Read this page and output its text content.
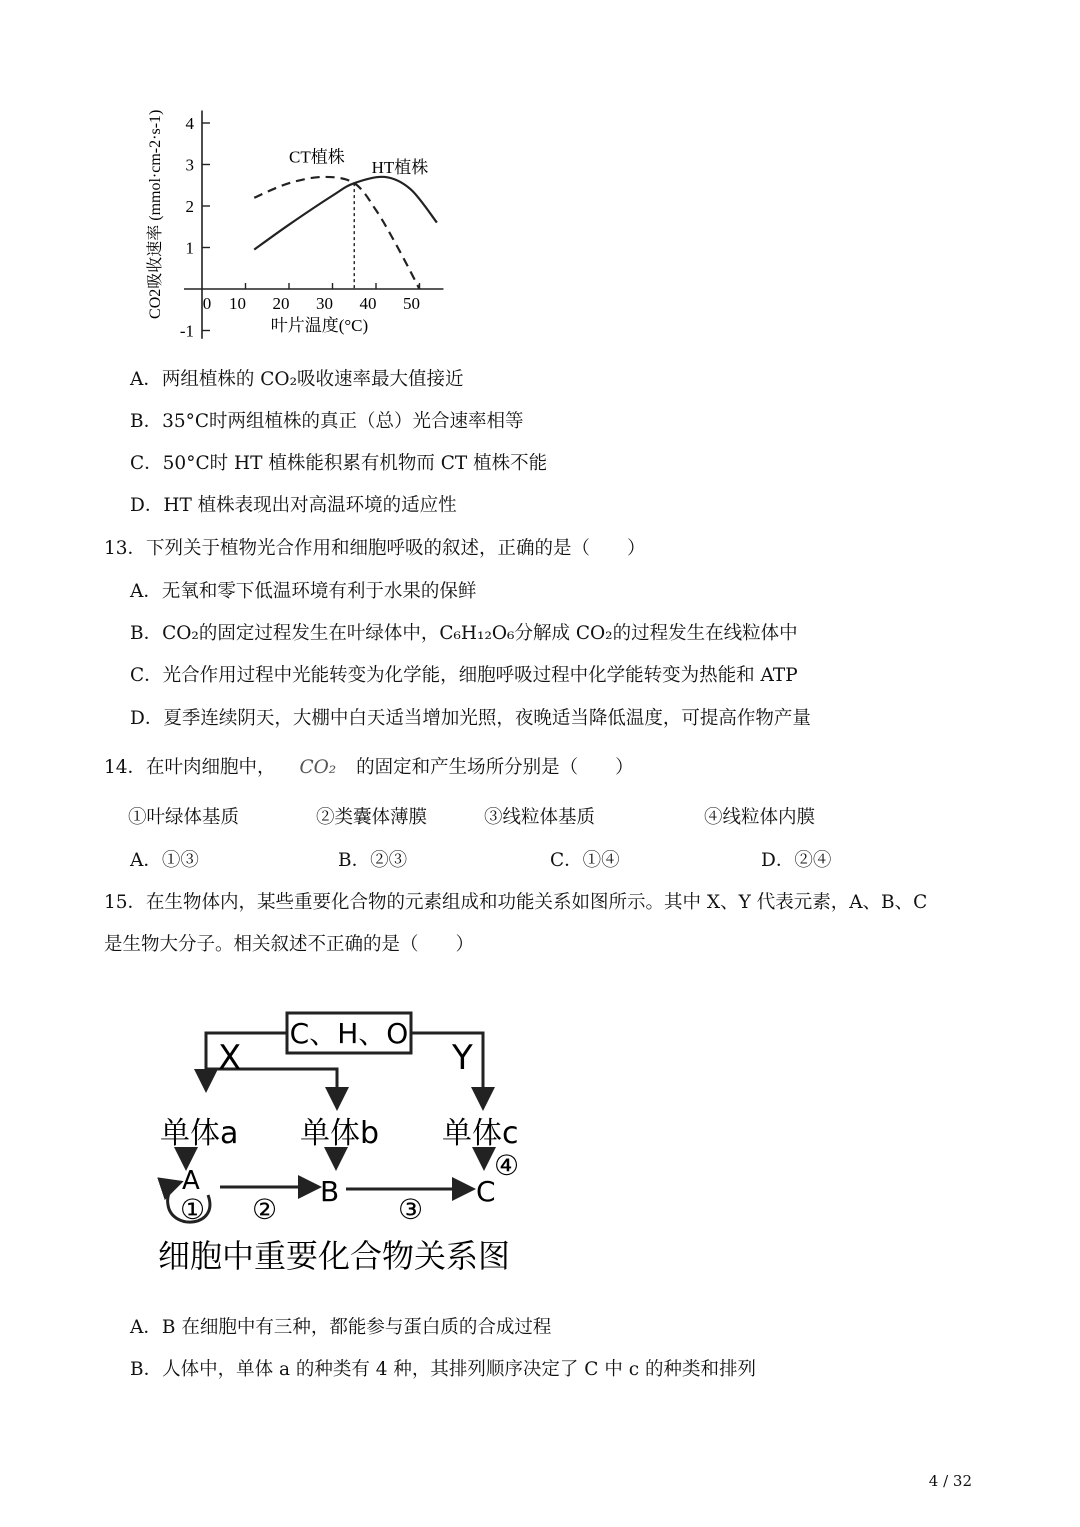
4
3
2
1
-1
0 10 20 30 40 50
叶片温度(°C)
CO2吸收速率 (mmol·cm-2·s-1)	CT植株
HT植株
A．两组植株的 CO₂吸收速率最大值接近
B．35°C时两组植株的真正（总）光合速率相等
C．50°C时 HT 植株能积累有机物而 CT 植株不能
D．HT 植株表现出对高温环境的适应性
13．下列关于植物光合作用和细胞呼吸的叙述，正确的是（　　）
A．无氧和零下低温环境有利于水果的保鲜
B．CO₂的固定过程发生在叶绿体中，C₆H₁₂O₆分解成 CO₂的过程发生在线粒体中
C．光合作用过程中光能转变为化学能，细胞呼吸过程中化学能转变为热能和 ATP
D．夏季连续阴天，大棚中白天适当增加光照，夜晚适当降低温度，可提高作物产量
14．在叶肉细胞中， CO₂ 的固定和产生场所分别是（　　）
①叶绿体基质	②类囊体薄膜	③线粒体基质	④线粒体内膜
A．①③	B．②③	C．①④	D．②④
15．在生物体内，某些重要化合物的元素组成和功能关系如图所示。其中 X、Y 代表元素，A、B、C
是生物大分子。相关叙述不正确的是（　　）
C、H、O
X	Y
单体a 单体b 单体c
A	B	C
① ②	③
④
细胞中重要化合物关系图
A．B 在细胞中有三种，都能参与蛋白质的合成过程
B．人体中，单体 a 的种类有 4 种，其排列顺序决定了 C 中 c 的种类和排列
4 / 32
